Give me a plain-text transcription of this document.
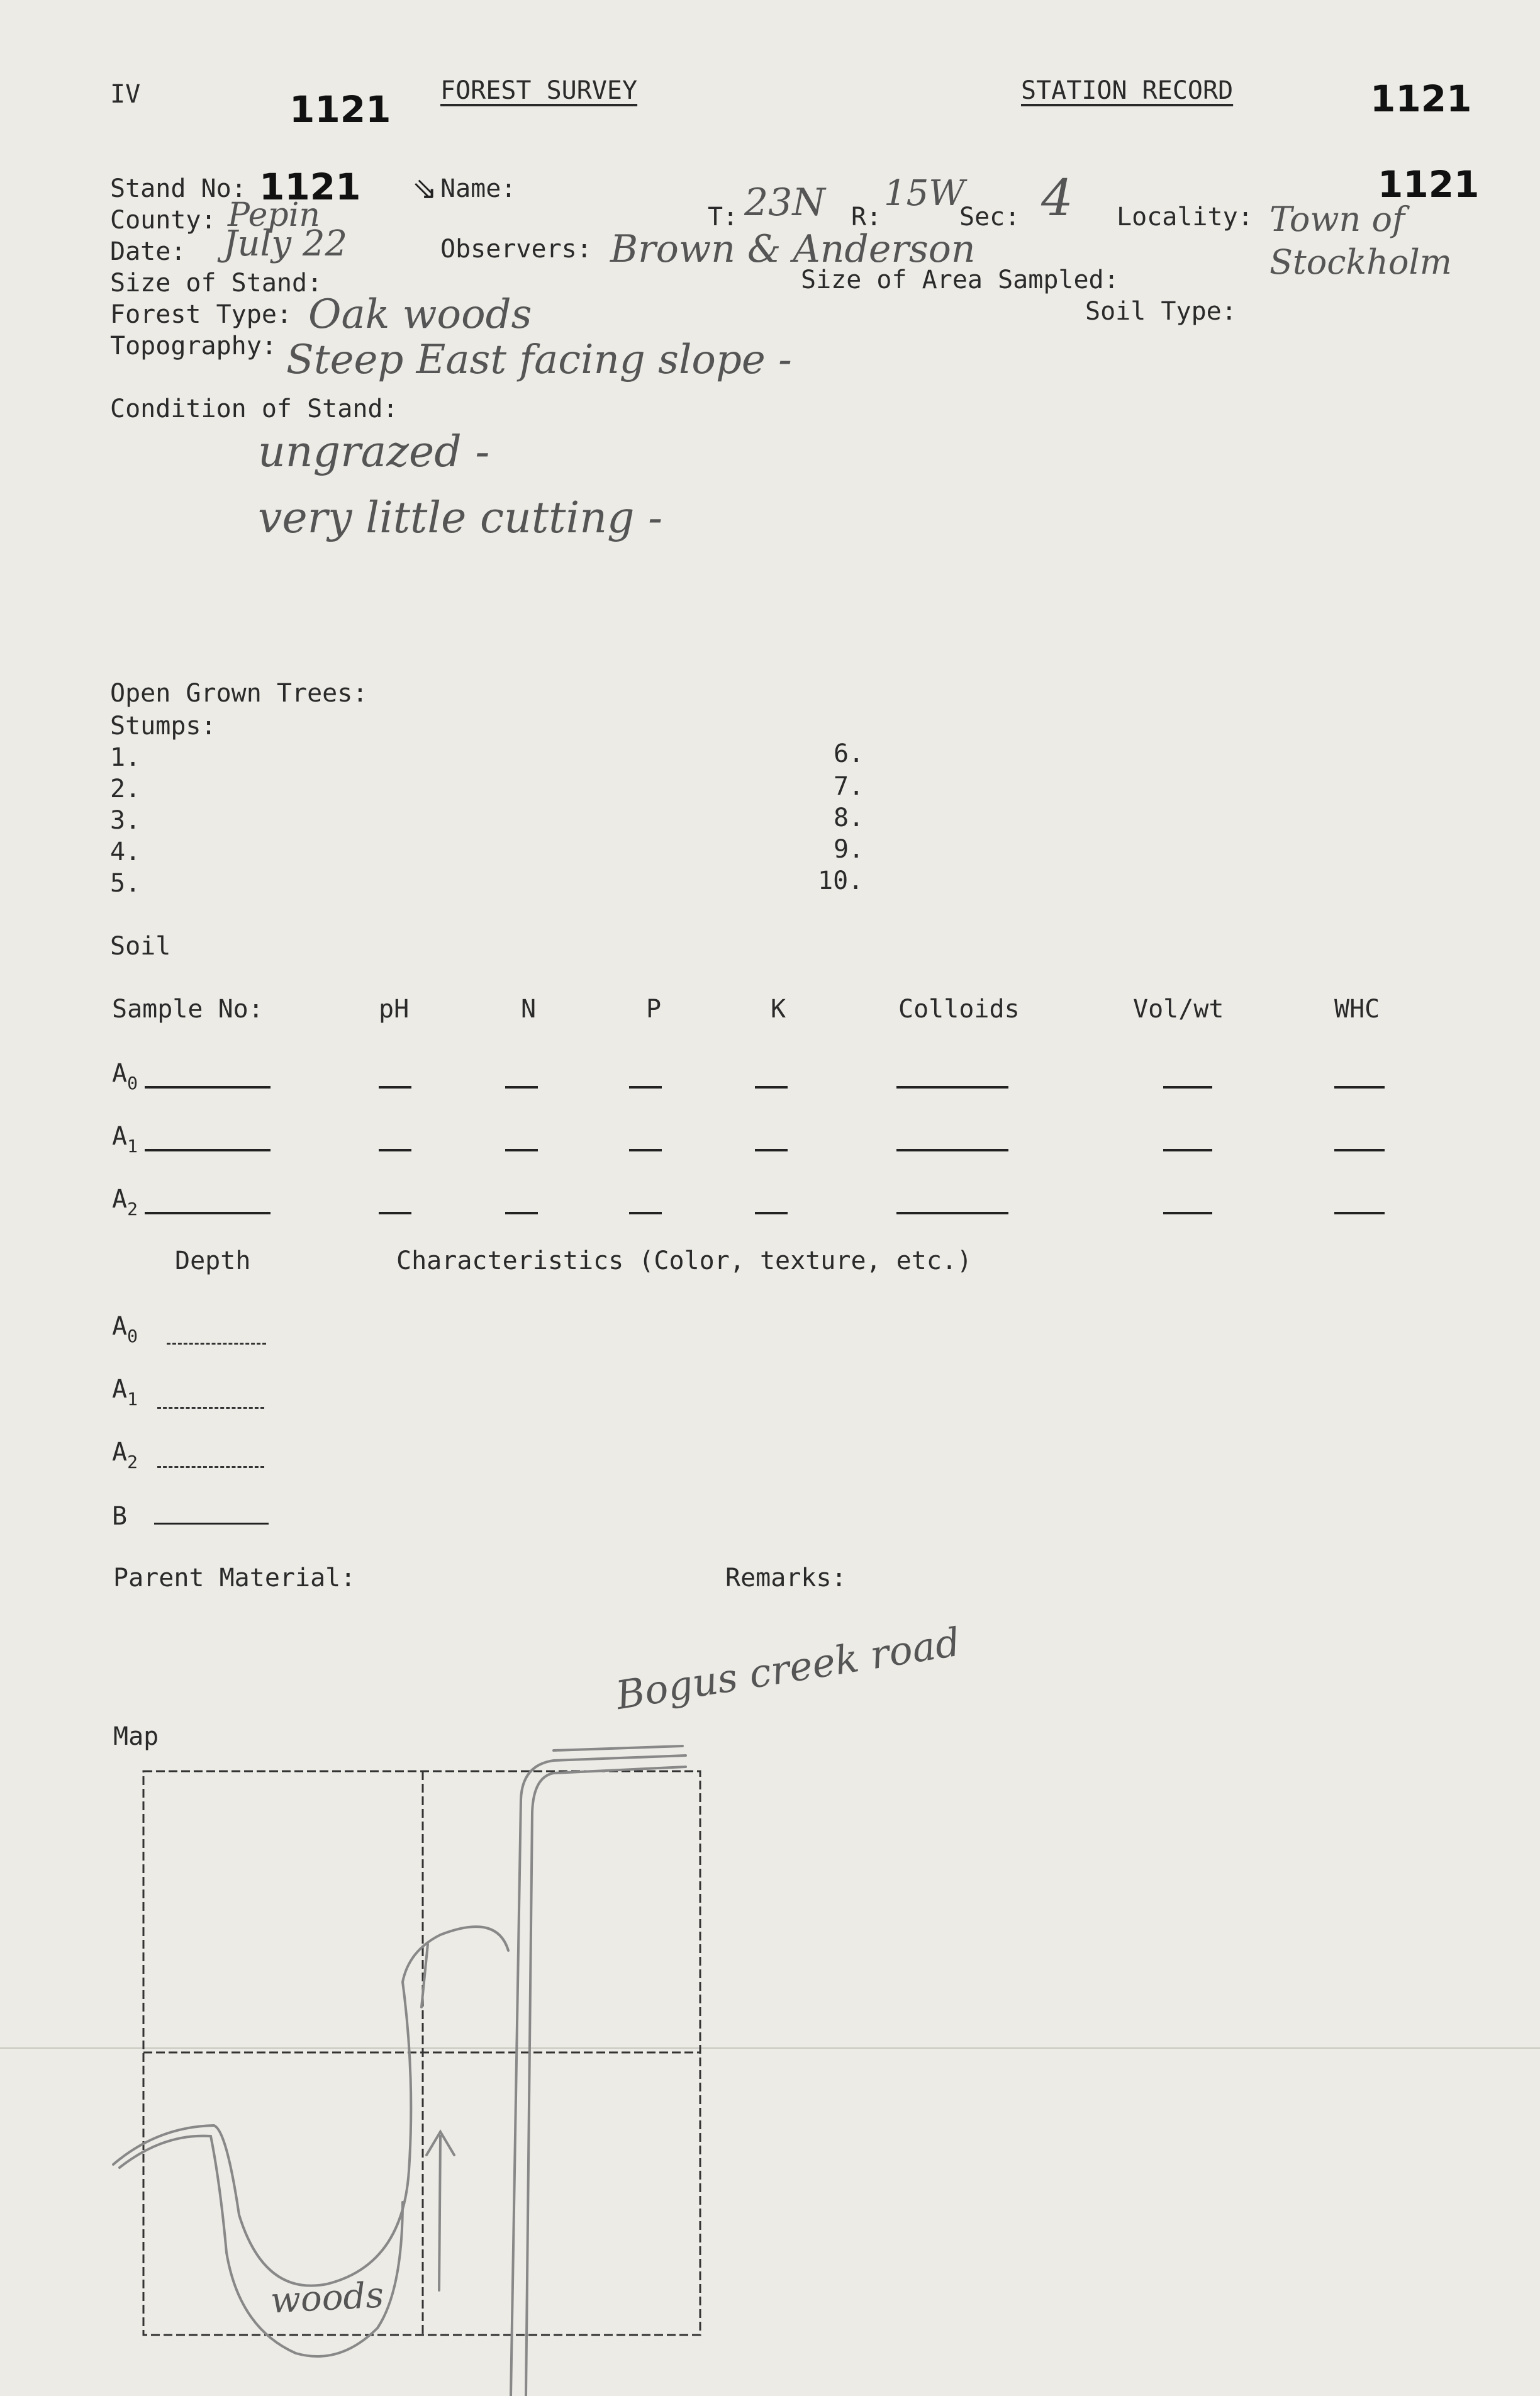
IV	1121 FOREST SURVEY	STATION RECORD	1121
Stand No: 1121 ⇘ Name:	1121
County: Pepin	T: 23N R:
15W
Sec: 4 Locality: Town of Stockholm
Date: July 22	Observers: Brown & Anderson
Size of Stand:	Size of Area Sampled:
Forest Type: Oak woods	Soil Type:
Topography: Steep East facing slope -
Condition of Stand:
ungrazed -
very little cutting -
Open Grown Trees:
Stumps:
1.
2.
3.
4.
5.
6.
7.
8.
9.
10.
Soil
Sample No:	pH	N	P	K	Colloids	Vol/wt	WHC
$A_0$
$A_1$
$A_2$
Depth	Characteristics (Color, texture, etc.)
$A_0$
$A_1$
$A_2$
B
Parent Material:	Remarks:
Map
Bogus creek road
woods
